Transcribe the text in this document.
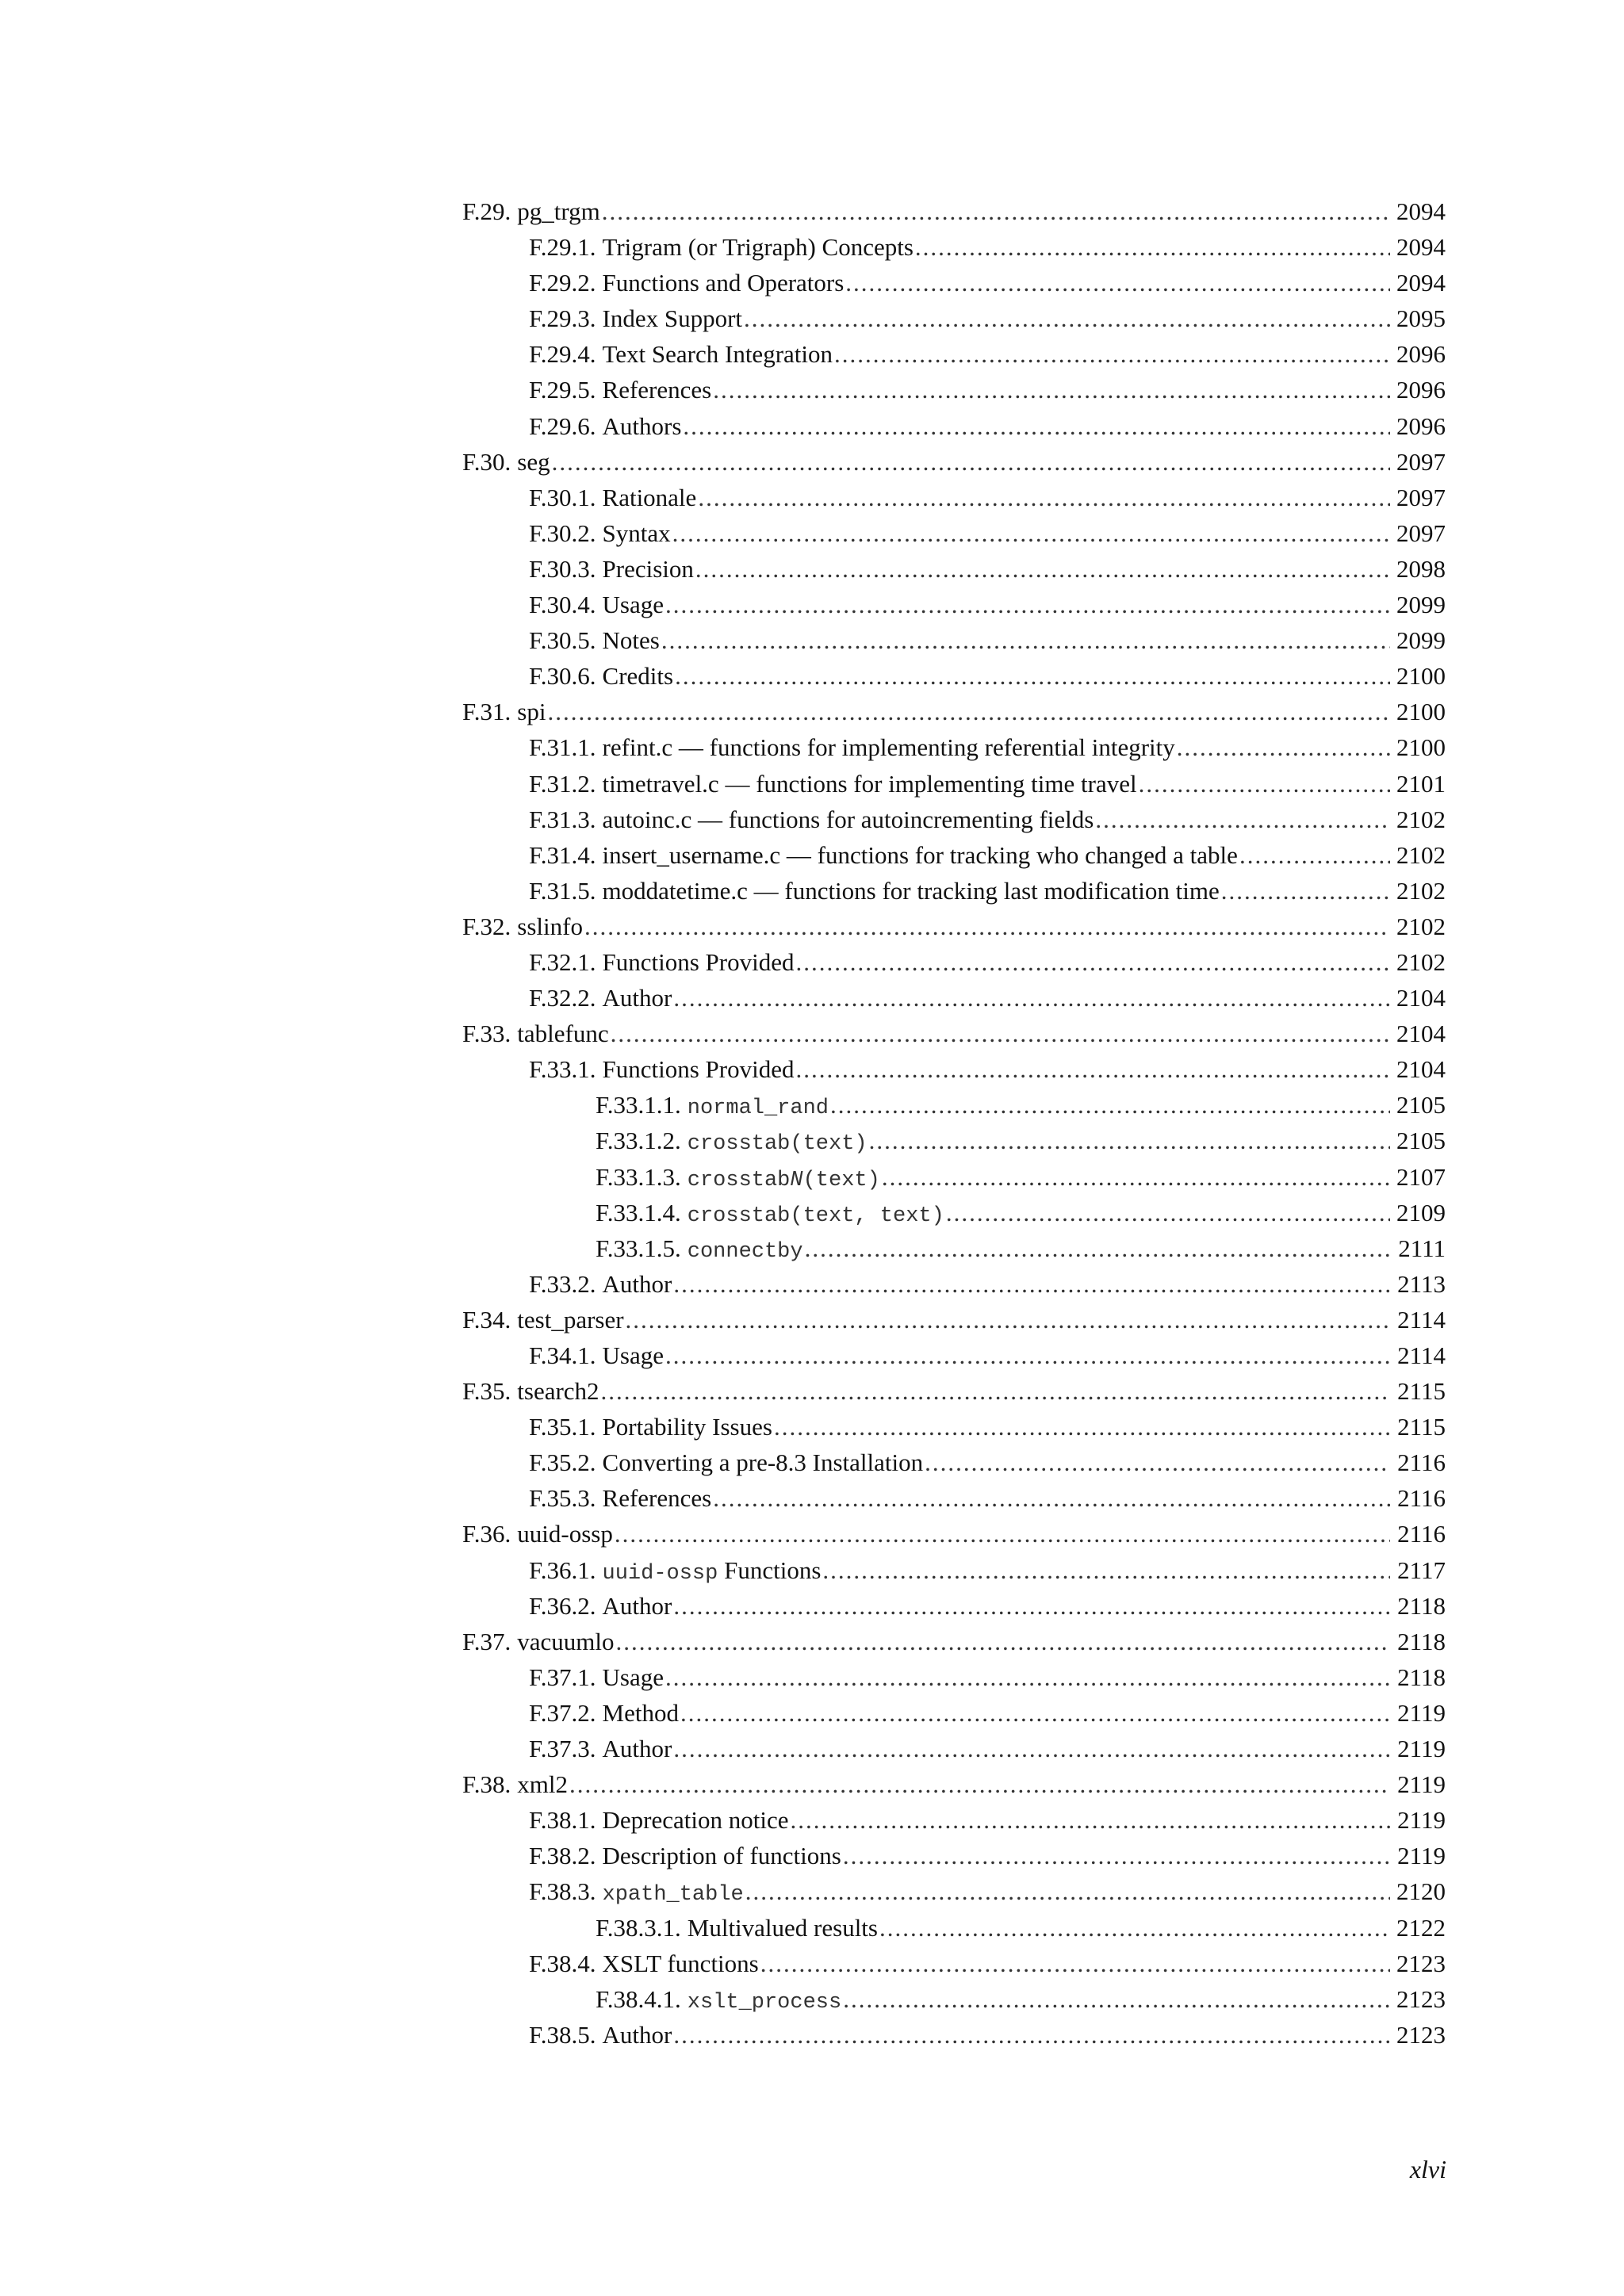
F.29. pg_trgm .....	2094
F.29.1. Trigram (or Trigraph) Concepts .....	2094
F.29.2. Functions and Operators .....	2094
F.29.3. Index Support .....	2095
F.29.4. Text Search Integration .....	2096
F.29.5. References .....	2096
F.29.6. Authors .....	2096
F.30. seg .....	2097
F.30.1. Rationale .....	2097
F.30.2. Syntax .....	2097
F.30.3. Precision .....	2098
F.30.4. Usage .....	2099
F.30.5. Notes .....	2099
F.30.6. Credits .....	2100
F.31. spi .....	2100
F.31.1. refint.c — functions for implementing referential integrity .....	2100
F.31.2. timetravel.c — functions for implementing time travel .....	2101
F.31.3. autoinc.c — functions for autoincrementing fields .....	2102
F.31.4. insert_username.c — functions for tracking who changed a table .....	2102
F.31.5. moddatetime.c — functions for tracking last modification time .....	2102
F.32. sslinfo .....	2102
F.32.1. Functions Provided .....	2102
F.32.2. Author .....	2104
F.33. tablefunc .....	2104
F.33.1. Functions Provided .....	2104
F.33.1.1. normal_rand .....	2105
F.33.1.2. crosstab(text) .....	2105
F.33.1.3. crosstabN(text) .....	2107
F.33.1.4. crosstab(text, text) .....	2109
F.33.1.5. connectby .....	2111
F.33.2. Author .....	2113
F.34. test_parser .....	2114
F.34.1. Usage .....	2114
F.35. tsearch2 .....	2115
F.35.1. Portability Issues .....	2115
F.35.2. Converting a pre-8.3 Installation .....	2116
F.35.3. References .....	2116
F.36. uuid-ossp .....	2116
F.36.1. uuid-ossp Functions .....	2117
F.36.2. Author .....	2118
F.37. vacuumlo .....	2118
F.37.1. Usage .....	2118
F.37.2. Method .....	2119
F.37.3. Author .....	2119
F.38. xml2 .....	2119
F.38.1. Deprecation notice .....	2119
F.38.2. Description of functions .....	2119
F.38.3. xpath_table .....	2120
F.38.3.1. Multivalued results .....	2122
F.38.4. XSLT functions .....	2123
F.38.4.1. xslt_process .....	2123
F.38.5. Author .....	2123
xlvi
